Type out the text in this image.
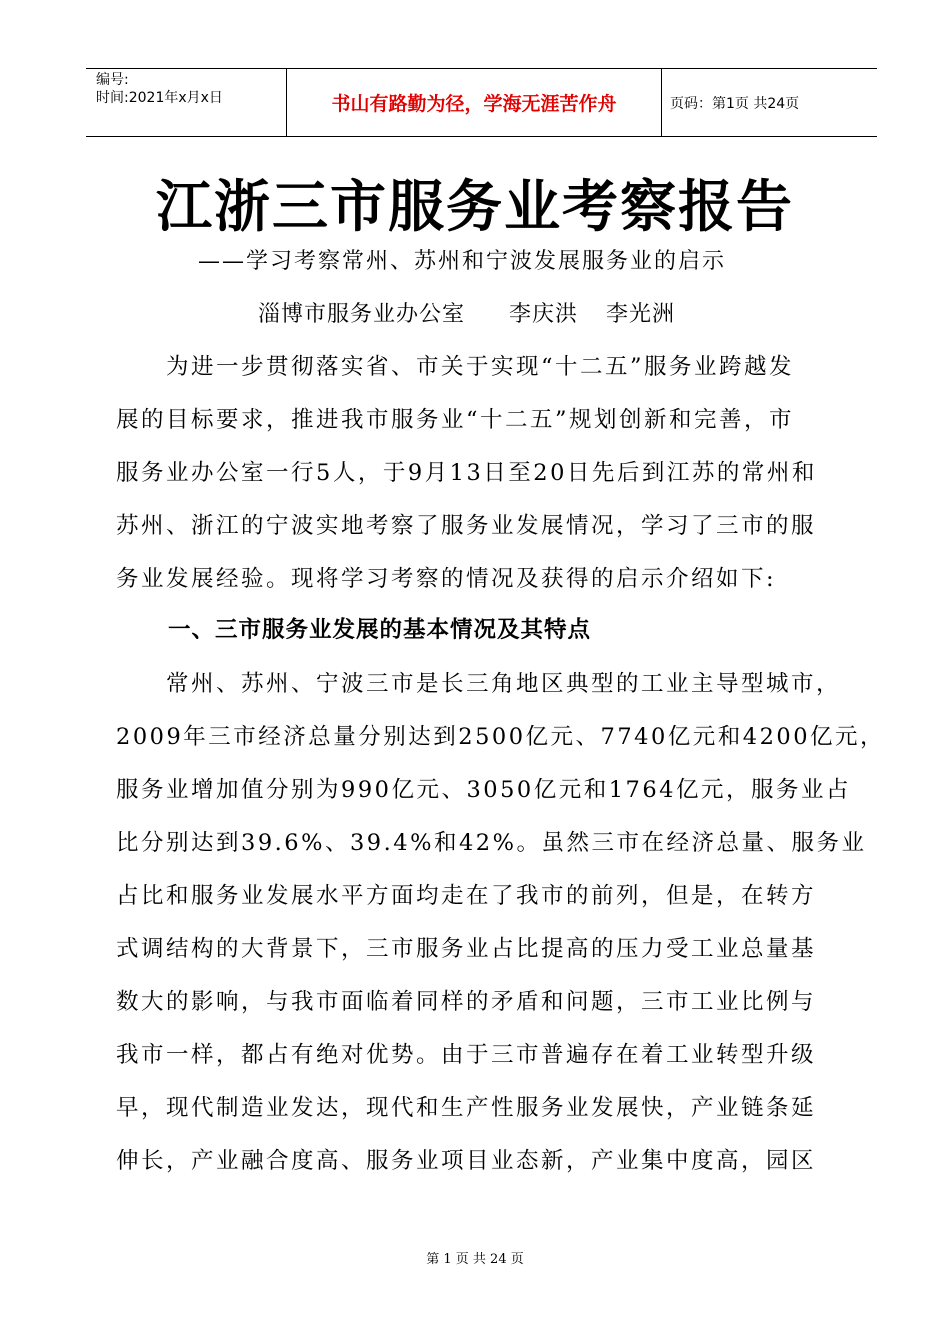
编号:
时间:2021年x月x日	书山有路勤为径，学海无涯苦作舟	页码：第1页 共24页
江浙三市服务业考察报告
——学习考察常州、苏州和宁波发展服务业的启示
淄博市服务业办公室 李庆洪 李光洲
　　为进一步贯彻落实省、市关于实现“十二五”服务业跨越发
展的目标要求，推进我市服务业“十二五”规划创新和完善，市
服务业办公室一行5人，于9月13日至20日先后到江苏的常州和
苏州、浙江的宁波实地考察了服务业发展情况，学习了三市的服
务业发展经验。现将学习考察的情况及获得的启示介绍如下:
一、三市服务业发展的基本情况及其特点
　　常州、苏州、宁波三市是长三角地区典型的工业主导型城市，
2009年三市经济总量分别达到2500亿元、7740亿元和4200亿元，
服务业增加值分别为990亿元、3050亿元和1764亿元，服务业占
比分别达到39.6%、39.4%和42%。虽然三市在经济总量、服务业
占比和服务业发展水平方面均走在了我市的前列，但是，在转方
式调结构的大背景下，三市服务业占比提高的压力受工业总量基
数大的影响，与我市面临着同样的矛盾和问题，三市工业比例与
我市一样，都占有绝对优势。由于三市普遍存在着工业转型升级
早，现代制造业发达，现代和生产性服务业发展快，产业链条延
伸长，产业融合度高、服务业项目业态新，产业集中度高，园区
第 1 页 共 24 页
